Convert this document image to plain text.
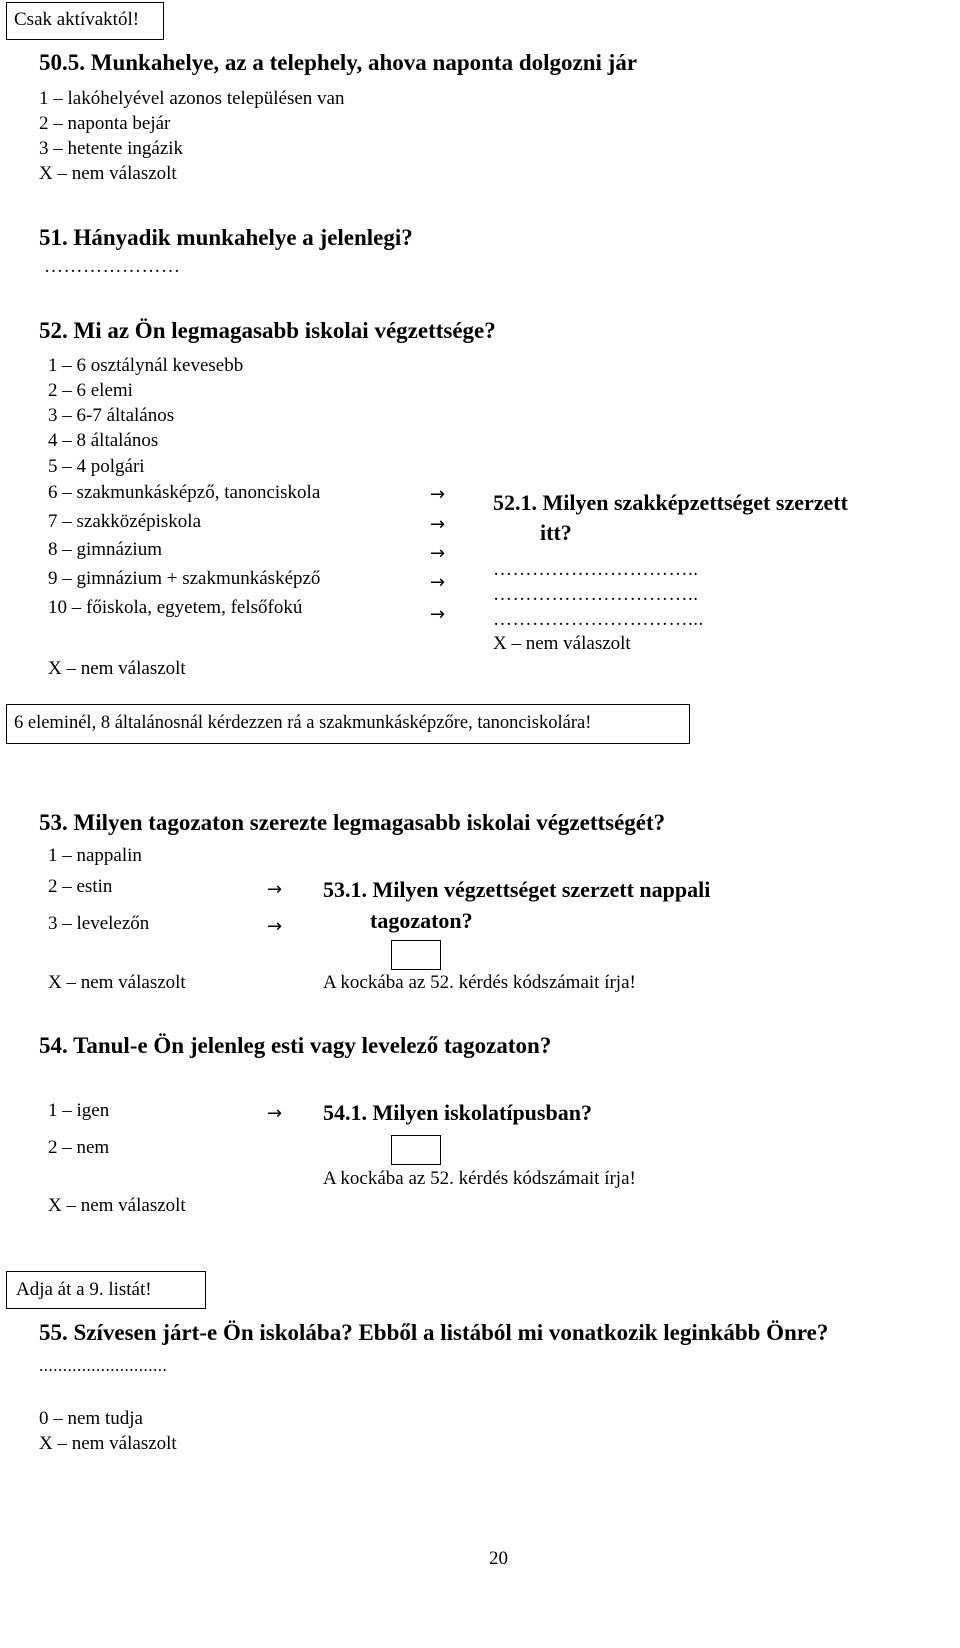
Csak aktívaktól!
50.5. Munkahelye, az a telephely, ahova naponta dolgozni jár
1 – lakóhelyével azonos településen van
2 – naponta bejár
3 – hetente ingázik
X – nem válaszolt
51. Hányadik munkahelye a jelenlegi?
…………………
52. Mi az Ön legmagasabb iskolai végzettsége?
1 – 6 osztálynál kevesebb
2 – 6 elemi
3 – 6-7 általános
4 – 8 általános
5 – 4 polgári
6 – szakmunkásképző, tanonciskola
7 – szakközépiskola
8 – gimnázium
9 – gimnázium + szakmunkásképző
10 – főiskola, egyetem, felsőfokú
X – nem válaszolt
→
→
→
→
→
52.1. Milyen szakképzettséget szerzett
itt?
…………………………..
…………………………..
…………………………...
X – nem válaszolt
6 eleminél, 8 általánosnál kérdezzen rá a szakmunkásképzőre, tanonciskolára!
53. Milyen tagozaton szerezte legmagasabb iskolai végzettségét?
1 – nappalin
2 – estin
3 – levelezőn
X – nem válaszolt
→
→
53.1. Milyen végzettséget szerzett nappali
tagozaton?
A kockába az 52. kérdés kódszámait írja!
54. Tanul-e Ön jelenleg esti vagy levelező tagozaton?
1 – igen
2 – nem
X – nem válaszolt
→ 54.1. Milyen iskolatípusban?
A kockába az 52. kérdés kódszámait írja!
Adja át a 9. listát!
55. Szívesen járt-e Ön iskolába? Ebből a listából mi vonatkozik leginkább Önre?
...........................
0 – nem tudja
X – nem válaszolt
20
